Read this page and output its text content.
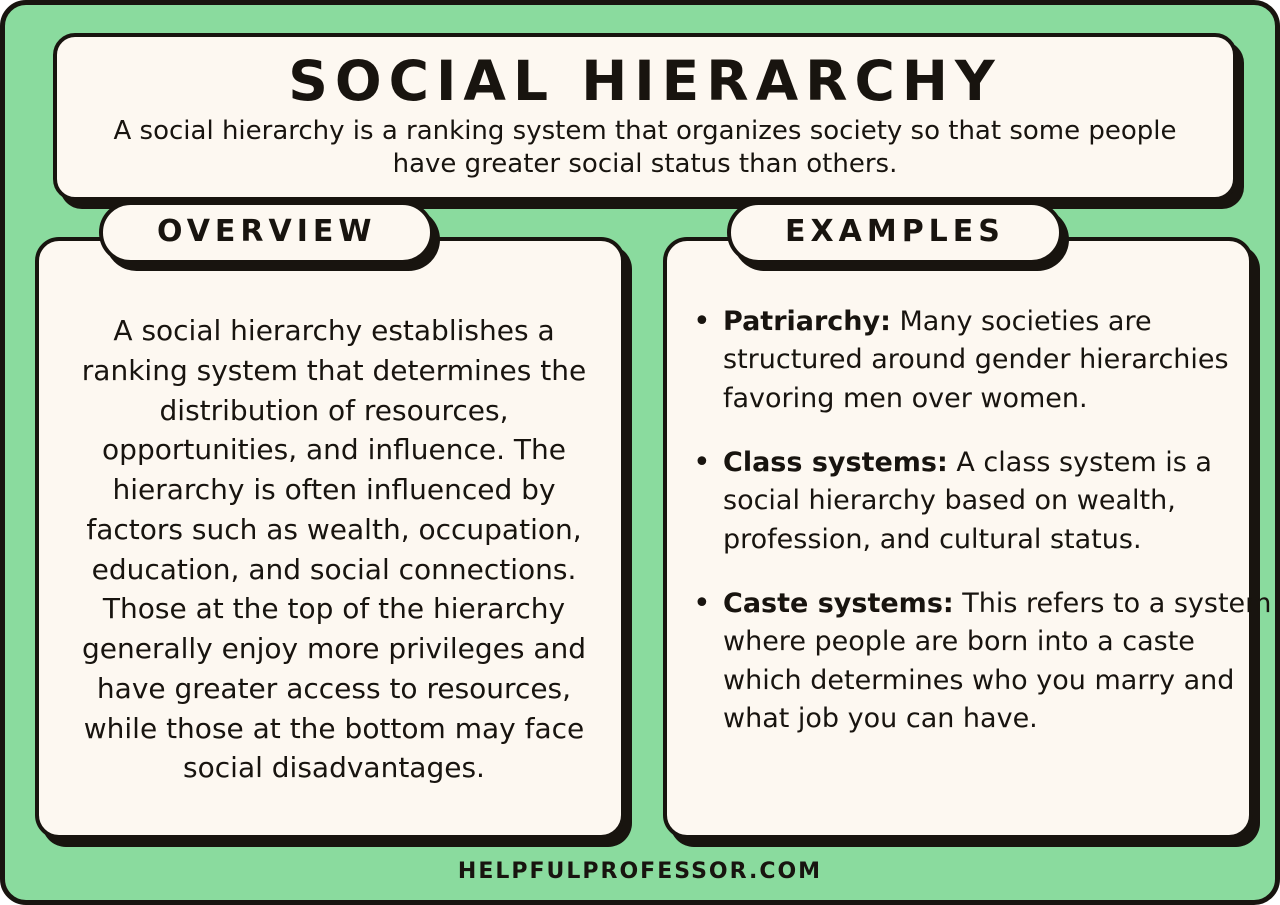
SOCIAL HIERARCHY
A social hierarchy is a ranking system that organizes society so that some people have greater social status than others.
OVERVIEW
A social hierarchy establishes a ranking system that determines the distribution of resources, opportunities, and influence. The hierarchy is often influenced by factors such as wealth, occupation, education, and social connections. Those at the top of the hierarchy generally enjoy more privileges and have greater access to resources, while those at the bottom may face social disadvantages.
EXAMPLES
• Patriarchy: Many societies are structured around gender hierarchies favoring men over women.
• Class systems: A class system is a social hierarchy based on wealth, profession, and cultural status.
• Caste systems: This refers to a system where people are born into a caste which determines who you marry and what job you can have.
HELPFULPROFESSOR.COM
